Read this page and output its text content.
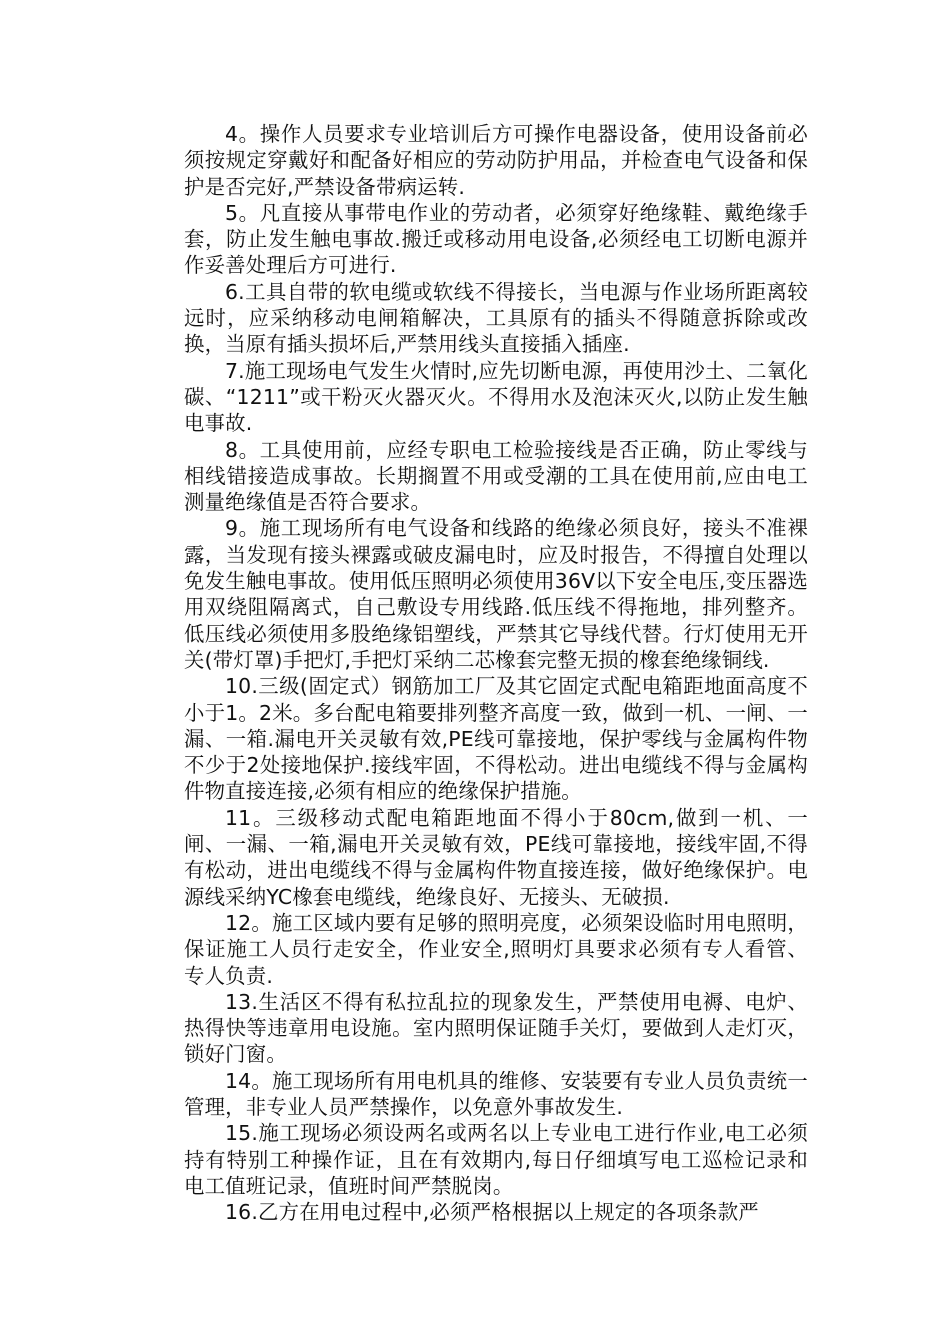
4。操作人员要求专业培训后方可操作电器设备，使用设备前必须按规定穿戴好和配备好相应的劳动防护用品，并检查电气设备和保护是否完好,严禁设备带病运转.

5。凡直接从事带电作业的劳动者，必须穿好绝缘鞋、戴绝缘手套，防止发生触电事故.搬迁或移动用电设备,必须经电工切断电源并作妥善处理后方可进行.

6.工具自带的软电缆或软线不得接长，当电源与作业场所距离较远时，应采纳移动电闸箱解决，工具原有的插头不得随意拆除或改换，当原有插头损坏后,严禁用线头直接插入插座.

7.施工现场电气发生火情时,应先切断电源，再使用沙土、二氧化碳、“1211”或干粉灭火器灭火。不得用水及泡沫灭火,以防止发生触电事故.

8。工具使用前，应经专职电工检验接线是否正确，防止零线与相线错接造成事故。长期搁置不用或受潮的工具在使用前,应由电工测量绝缘值是否符合要求。

9。施工现场所有电气设备和线路的绝缘必须良好，接头不准裸露，当发现有接头裸露或破皮漏电时，应及时报告，不得擅自处理以免发生触电事故。使用低压照明必须使用36V以下安全电压,变压器选用双绕阻隔离式，自己敷设专用线路.低压线不得拖地，排列整齐。低压线必须使用多股绝缘铝塑线，严禁其它导线代替。行灯使用无开关(带灯罩)手把灯,手把灯采纳二芯橡套完整无损的橡套绝缘铜线.

10.三级(固定式）钢筋加工厂及其它固定式配电箱距地面高度不小于1。2米。多台配电箱要排列整齐高度一致，做到一机、一闸、一漏、一箱.漏电开关灵敏有效,PE线可靠接地，保护零线与金属构件物不少于2处接地保护.接线牢固，不得松动。进出电缆线不得与金属构件物直接连接,必须有相应的绝缘保护措施。

11。三级移动式配电箱距地面不得小于80cm,做到一机、一闸、一漏、一箱,漏电开关灵敏有效，PE线可靠接地，接线牢固,不得有松动，进出电缆线不得与金属构件物直接连接，做好绝缘保护。电源线采纳YC橡套电缆线，绝缘良好、无接头、无破损.

12。施工区域内要有足够的照明亮度，必须架设临时用电照明，保证施工人员行走安全，作业安全,照明灯具要求必须有专人看管、专人负责.

13.生活区不得有私拉乱拉的现象发生，严禁使用电褥、电炉、热得快等违章用电设施。室内照明保证随手关灯，要做到人走灯灭，锁好门窗。

14。施工现场所有用电机具的维修、安装要有专业人员负责统一管理，非专业人员严禁操作，以免意外事故发生.

15.施工现场必须设两名或两名以上专业电工进行作业,电工必须持有特别工种操作证，且在有效期内,每日仔细填写电工巡检记录和电工值班记录，值班时间严禁脱岗。

16.乙方在用电过程中,必须严格根据以上规定的各项条款严
